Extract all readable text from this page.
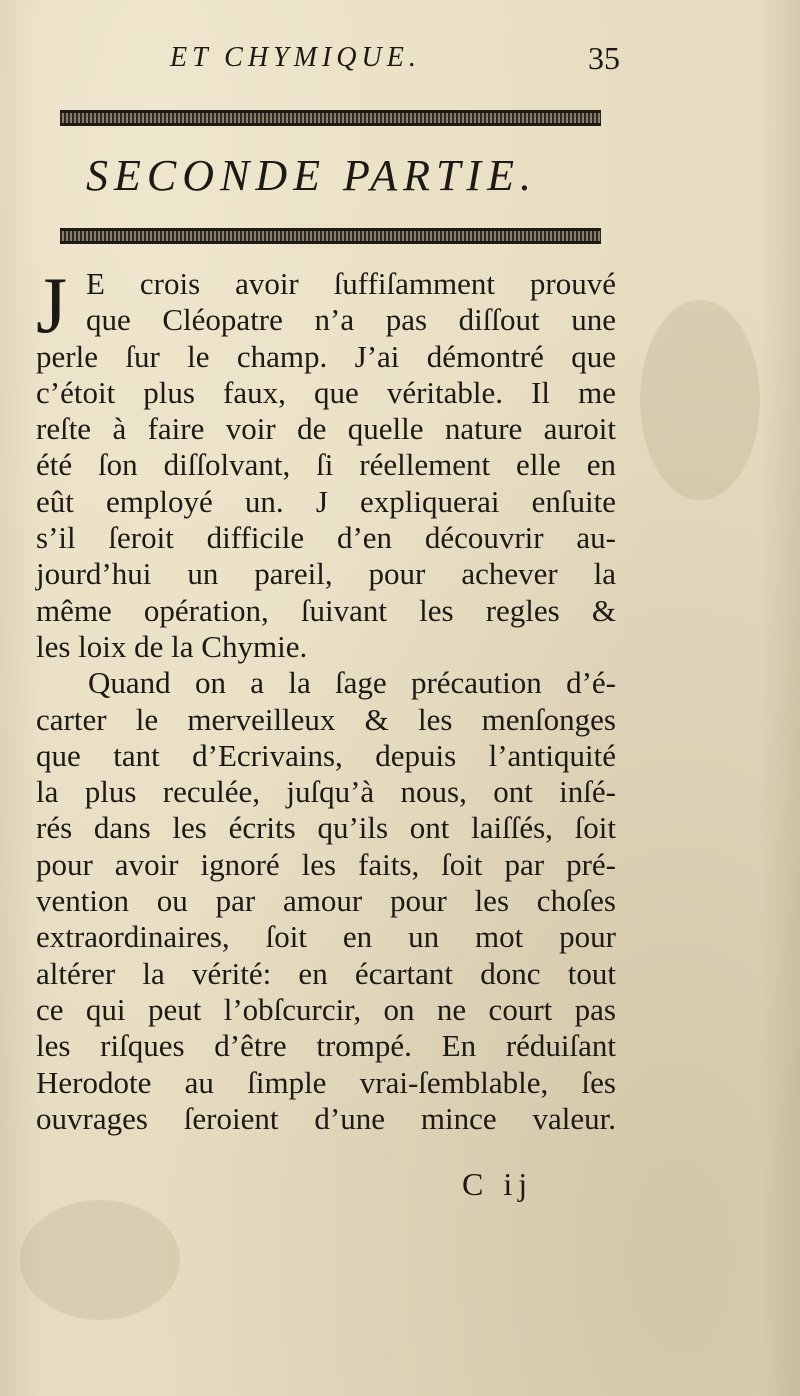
ET CHYMIQUE.	35
SECONDE PARTIE.
J E crois avoir ſuffiſamment prouvé
que Cléopatre n’a pas diſſout une
perle ſur le champ. J’ai démontré que
c’étoit plus faux, que véritable. Il me
reſte à faire voir de quelle nature auroit
été ſon diſſolvant, ſi réellement elle en
eût employé un. J expliquerai enſuite
s’il ſeroit difficile d’en découvrir au-
jourd’hui un pareil, pour achever la
même opération, ſuivant les regles &
les loix de la Chymie.
Quand on a la ſage précaution d’é-
carter le merveilleux & les menſonges
que tant d’Ecrivains, depuis l’antiquité
la plus reculée, juſqu’à nous, ont inſé-
rés dans les écrits qu’ils ont laiſſés, ſoit
pour avoir ignoré les faits, ſoit par pré-
vention ou par amour pour les choſes
extraordinaires, ſoit en un mot pour
altérer la vérité: en écartant donc tout
ce qui peut l’obſcurcir, on ne court pas
les riſques d’être trompé. En réduiſant
Herodote au ſimple vrai-ſemblable, ſes
ouvrages ſeroient d’une mince valeur.
C ij
